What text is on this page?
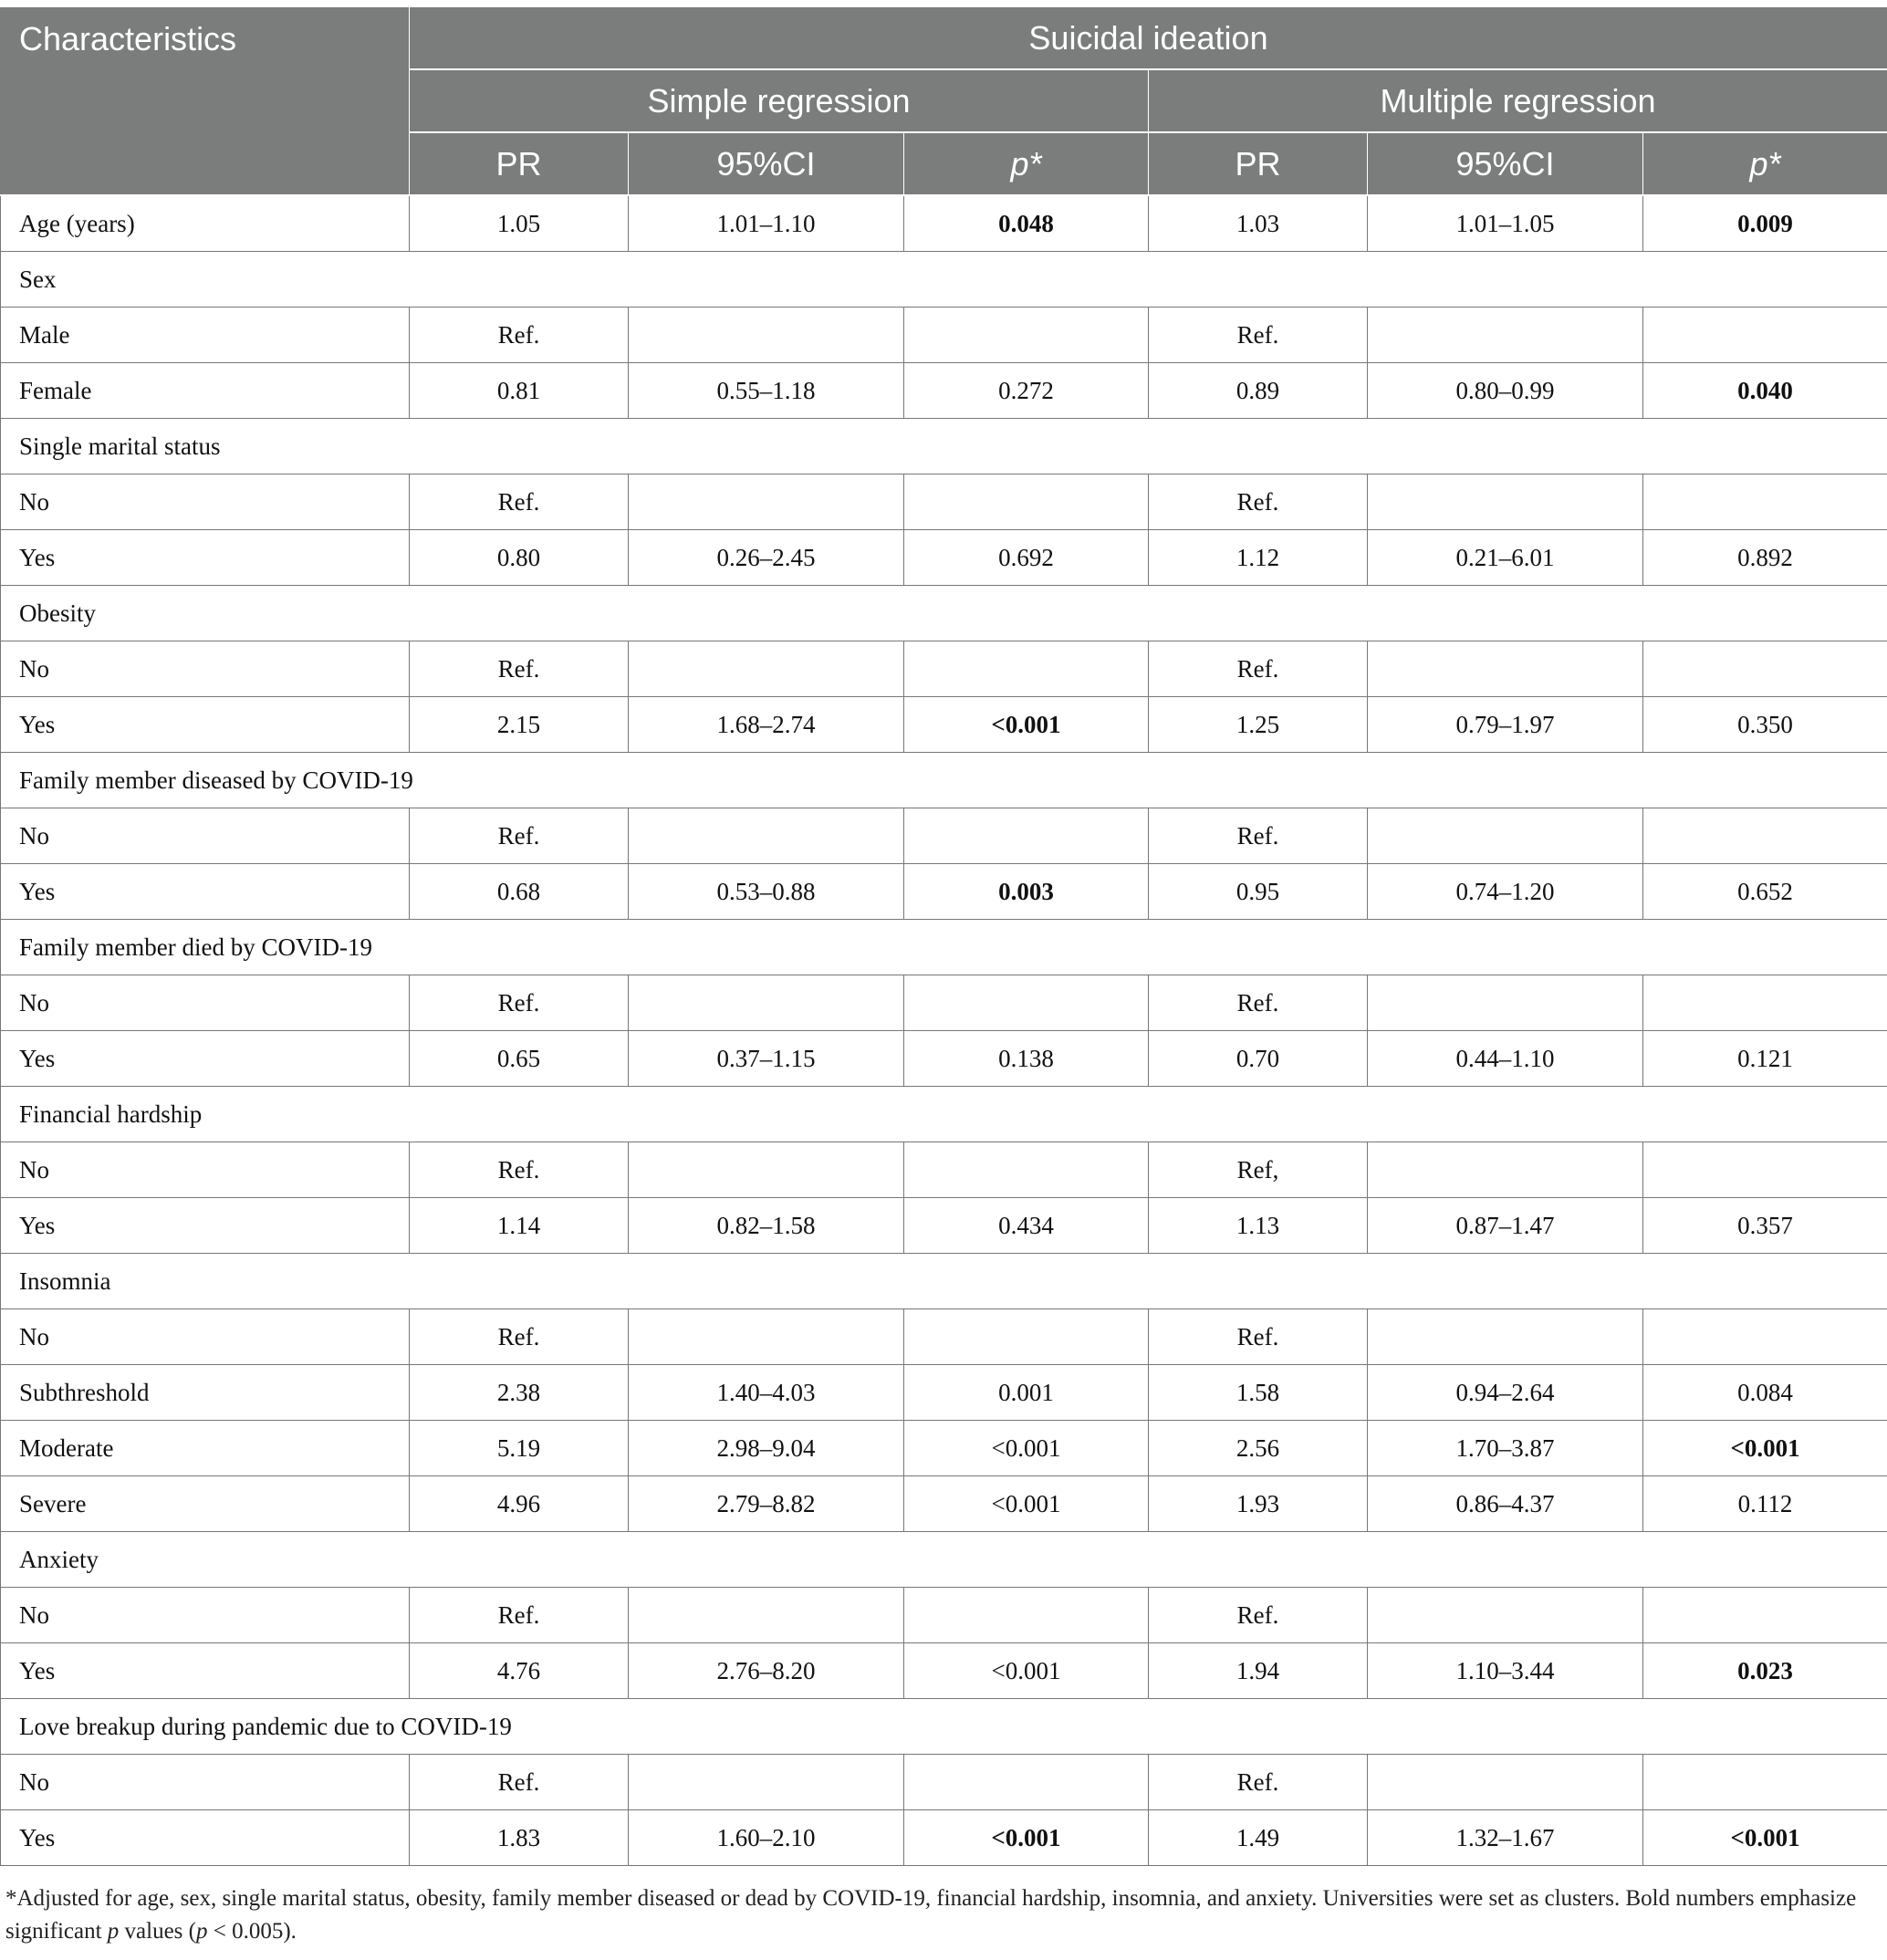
Characteristics	Suicidal ideation					
	Simple regression			Multiple regression		
	PR	95%CI	p*	PR	95%CI	p*
Age (years)	1.05	1.01–1.10	0.048	1.03	1.01–1.05	0.009
Sex						
Male	Ref.			Ref.		
Female	0.81	0.55–1.18	0.272	0.89	0.80–0.99	0.040
Single marital status						
No	Ref.			Ref.		
Yes	0.80	0.26–2.45	0.692	1.12	0.21–6.01	0.892
Obesity						
No	Ref.			Ref.		
Yes	2.15	1.68–2.74	<0.001	1.25	0.79–1.97	0.350
Family member diseased by COVID-19						
No	Ref.			Ref.		
Yes	0.68	0.53–0.88	0.003	0.95	0.74–1.20	0.652
Family member died by COVID-19						
No	Ref.			Ref.		
Yes	0.65	0.37–1.15	0.138	0.70	0.44–1.10	0.121
Financial hardship						
No	Ref.			Ref,		
Yes	1.14	0.82–1.58	0.434	1.13	0.87–1.47	0.357
Insomnia						
No	Ref.			Ref.		
Subthreshold	2.38	1.40–4.03	0.001	1.58	0.94–2.64	0.084
Moderate	5.19	2.98–9.04	<0.001	2.56	1.70–3.87	<0.001
Severe	4.96	2.79–8.82	<0.001	1.93	0.86–4.37	0.112
Anxiety						
No	Ref.			Ref.		
Yes	4.76	2.76–8.20	<0.001	1.94	1.10–3.44	0.023
Love breakup during pandemic due to COVID-19						
No	Ref.			Ref.		
Yes	1.83	1.60–2.10	<0.001	1.49	1.32–1.67	<0.001

*Adjusted for age, sex, single marital status, obesity, family member diseased or dead by COVID-19, financial hardship, insomnia, and anxiety. Universities were set as clusters. Bold numbers emphasize significant p values (p < 0.005).
